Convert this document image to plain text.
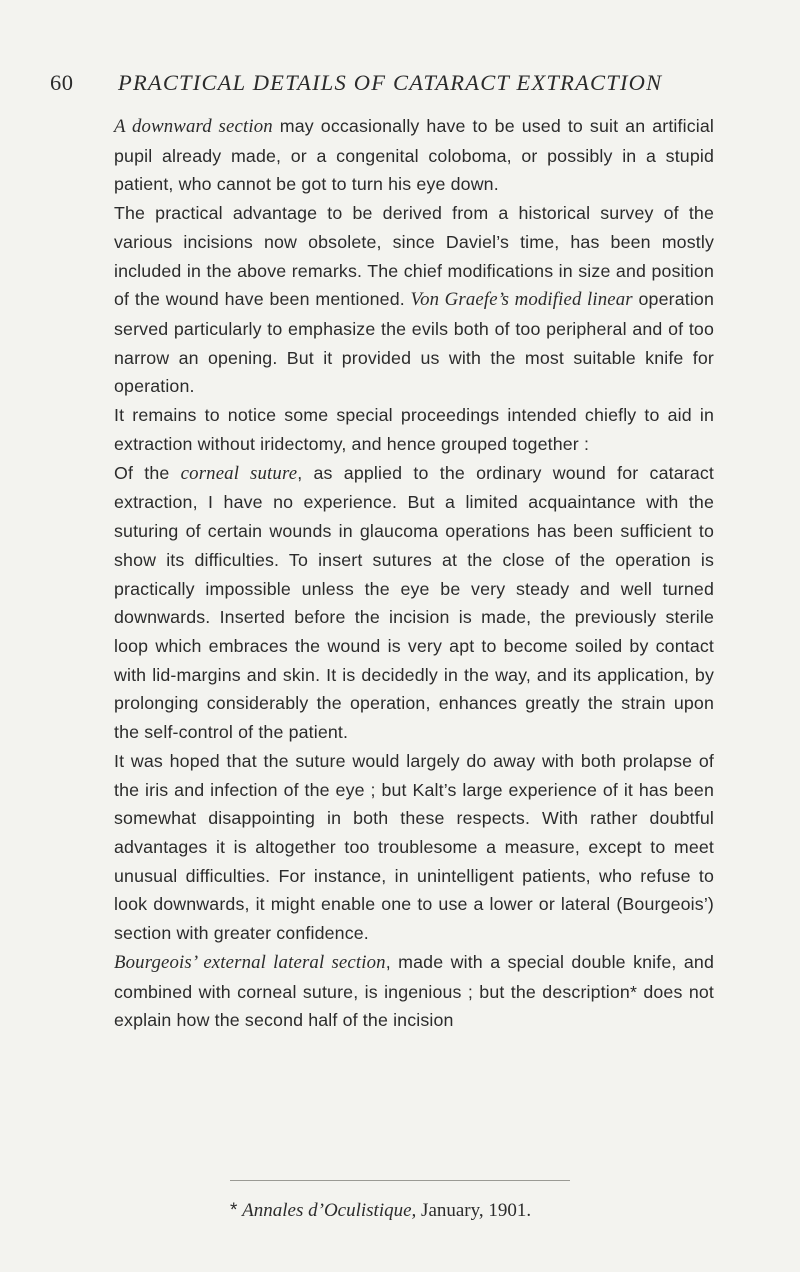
60 PRACTICAL DETAILS OF CATARACT EXTRACTION

A downward section may occasionally have to be used to suit an artificial pupil already made, or a congenital coloboma, or possibly in a stupid patient, who cannot be got to turn his eye down.

The practical advantage to be derived from a historical survey of the various incisions now obsolete, since Daviel’s time, has been mostly included in the above remarks. The chief modifications in size and position of the wound have been mentioned. Von Graefe’s modified linear operation served particularly to emphasize the evils both of too peripheral and of too narrow an opening. But it provided us with the most suitable knife for operation.

It remains to notice some special proceedings intended chiefly to aid in extraction without iridectomy, and hence grouped together :

Of the corneal suture, as applied to the ordinary wound for cataract extraction, I have no experience. But a limited acquaintance with the suturing of certain wounds in glaucoma operations has been sufficient to show its difficulties. To insert sutures at the close of the operation is practically impossible unless the eye be very steady and well turned downwards. Inserted before the incision is made, the previously sterile loop which embraces the wound is very apt to become soiled by contact with lid-margins and skin. It is decidedly in the way, and its application, by prolonging considerably the operation, enhances greatly the strain upon the self-control of the patient.

It was hoped that the suture would largely do away with both prolapse of the iris and infection of the eye ; but Kalt’s large experience of it has been somewhat disappointing in both these respects. With rather doubtful advantages it is altogether too troublesome a measure, except to meet unusual difficulties. For instance, in unintelligent patients, who refuse to look downwards, it might enable one to use a lower or lateral (Bourgeois’) section with greater confidence.

Bourgeois’ external lateral section, made with a special double knife, and combined with corneal suture, is ingenious ; but the description* does not explain how the second half of the incision

* Annales d’Oculistique, January, 1901.
